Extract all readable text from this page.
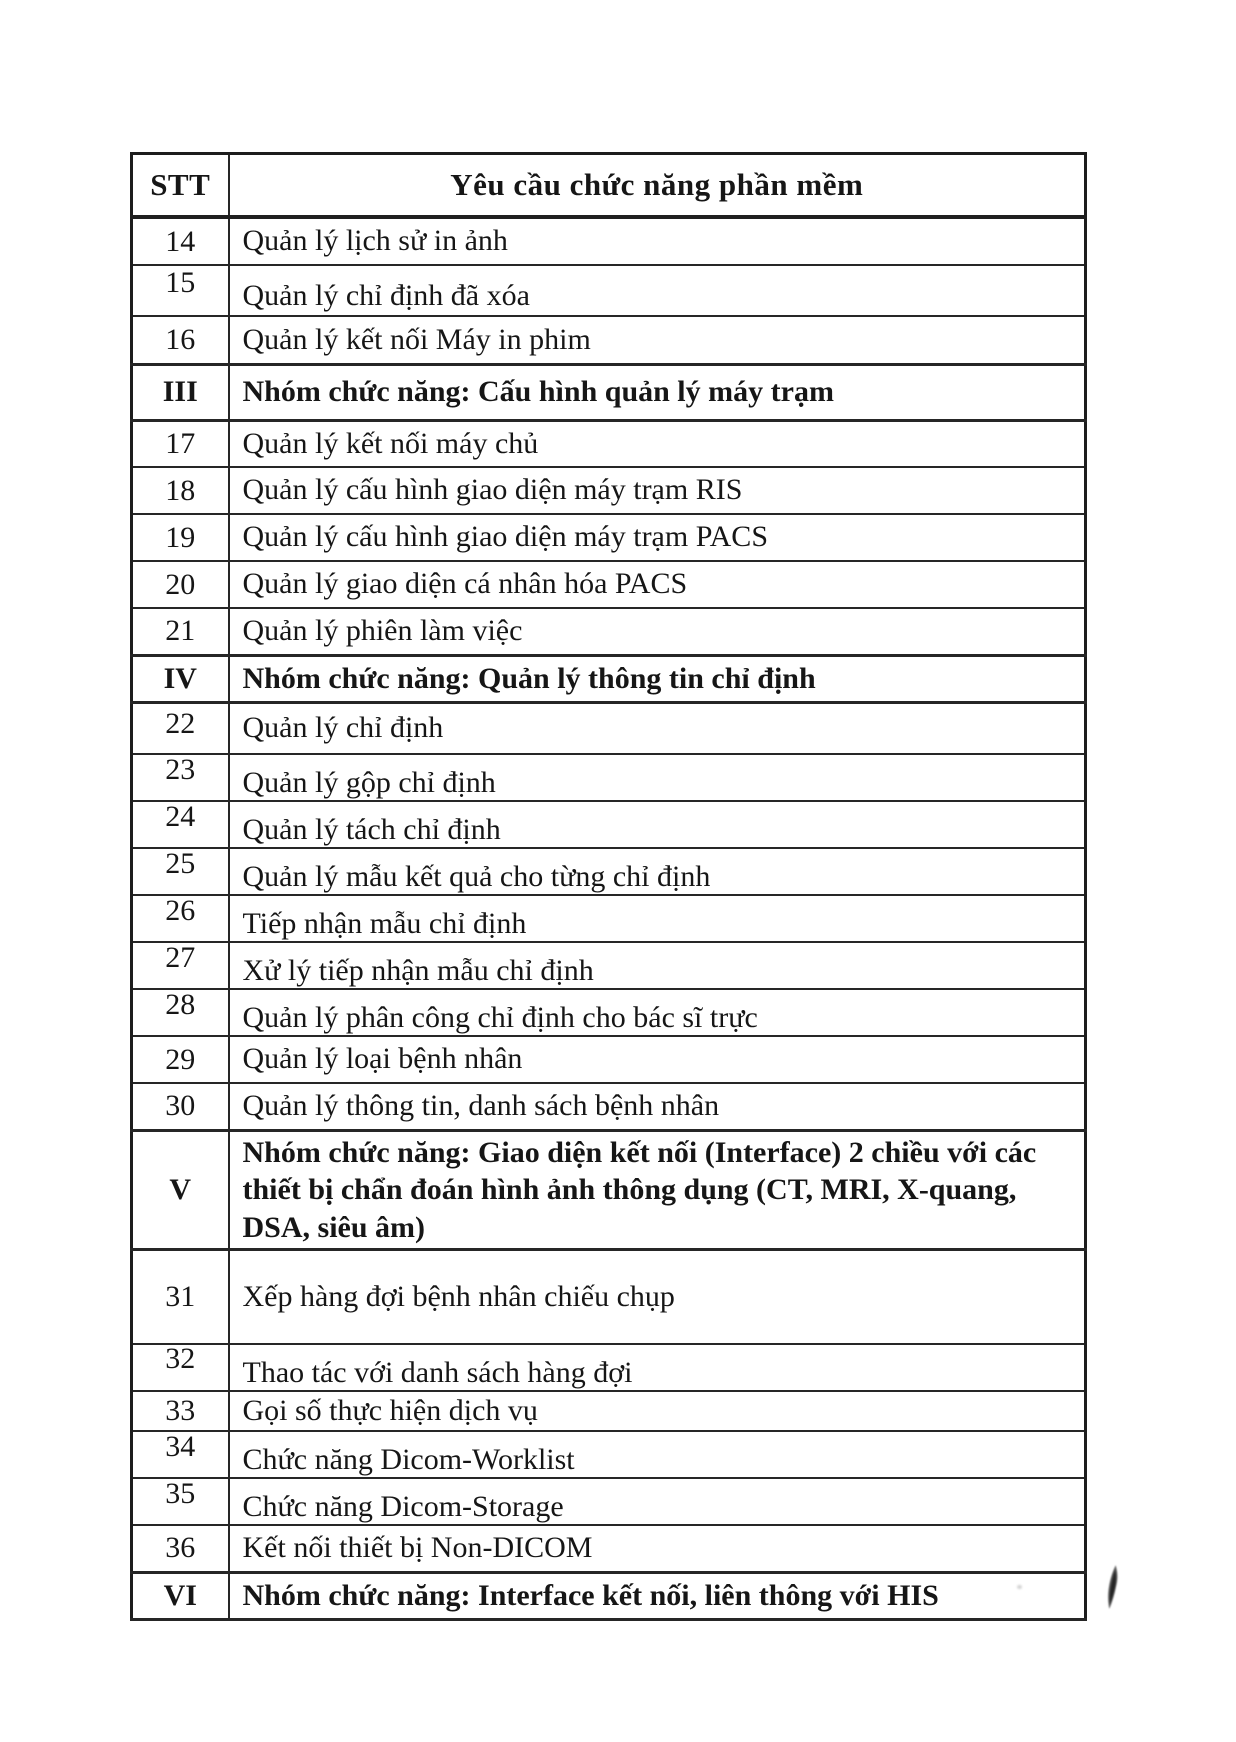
STT	Yêu cầu chức năng phần mềm
14	Quản lý lịch sử in ảnh
15	Quản lý chỉ định đã xóa
16	Quản lý kết nối Máy in phim
III	Nhóm chức năng: Cấu hình quản lý máy trạm
17	Quản lý kết nối máy chủ
18	Quản lý cấu hình giao diện máy trạm RIS
19	Quản lý cấu hình giao diện máy trạm PACS
20	Quản lý giao diện cá nhân hóa PACS
21	Quản lý phiên làm việc
IV	Nhóm chức năng: Quản lý thông tin chỉ định
22	Quản lý chỉ định
23	Quản lý gộp chỉ định
24	Quản lý tách chỉ định
25	Quản lý mẫu kết quả cho từng chỉ định
26	Tiếp nhận mẫu chỉ định
27	Xử lý tiếp nhận mẫu chỉ định
28	Quản lý phân công chỉ định cho bác sĩ trực
29	Quản lý loại bệnh nhân
30	Quản lý thông tin, danh sách bệnh nhân
V	Nhóm chức năng: Giao diện kết nối (Interface) 2 chiều với các thiết bị chẩn đoán hình ảnh thông dụng (CT, MRI, X-quang, DSA, siêu âm)
31	Xếp hàng đợi bệnh nhân chiếu chụp
32	Thao tác với danh sách hàng đợi
33	Gọi số thực hiện dịch vụ
34	Chức năng Dicom-Worklist
35	Chức năng Dicom-Storage
36	Kết nối thiết bị Non-DICOM
VI	Nhóm chức năng: Interface kết nối, liên thông với HIS
